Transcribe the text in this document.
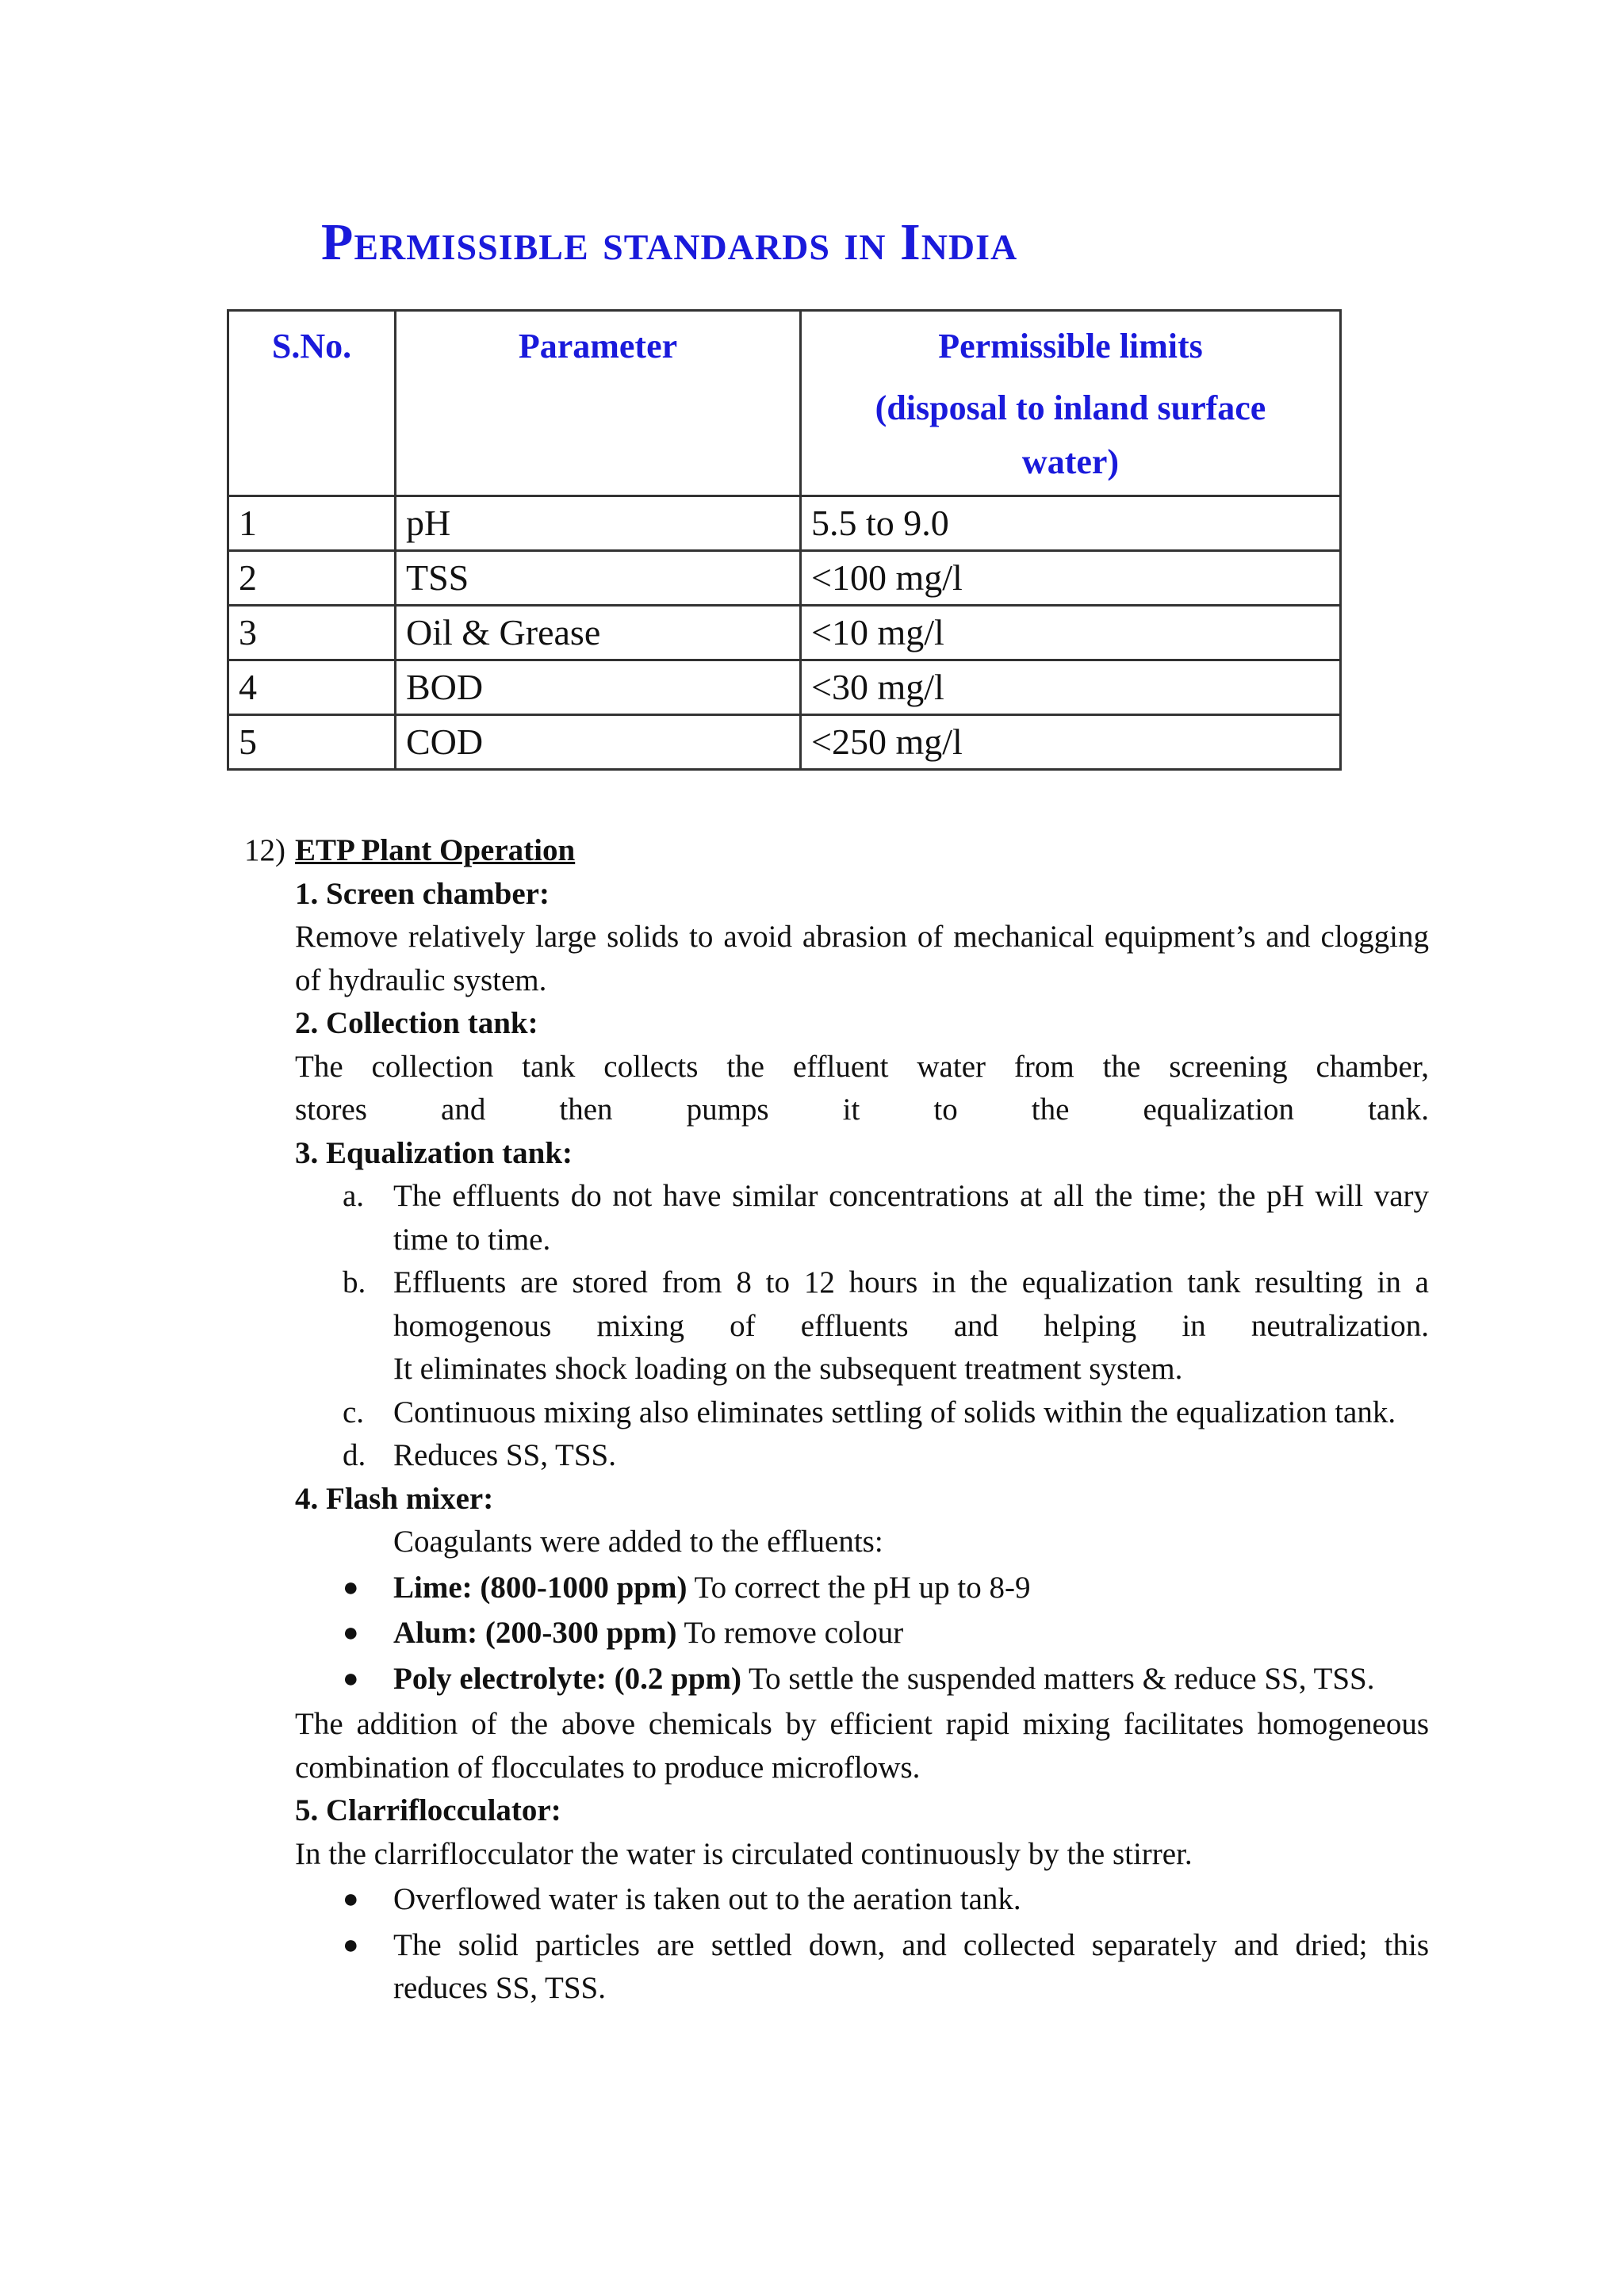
Permissible standards in India
S.No.	Parameter	Permissible limits
(disposal to inland surface water)

1	pH	5.5 to 9.0
2	TSS	<100 mg/l
3	Oil & Grease	<10 mg/l
4	BOD	<30 mg/l
5	COD	<250 mg/l
12) ETP Plant Operation
1. Screen chamber:
Remove relatively large solids to avoid abrasion of mechanical equipment’s and clogging of hydraulic system.
2. Collection tank:
The collection tank collects the effluent water from the screening chamber,
stores and then pumps it to the equalization tank.
3. Equalization tank:
a. The effluents do not have similar concentrations at all the time; the pH will vary time to time.
b. Effluents are stored from 8 to 12 hours in the equalization tank resulting in a homogenous mixing of effluents and helping in neutralization.
It eliminates shock loading on the subsequent treatment system.
c. Continuous mixing also eliminates settling of solids within the equalization tank.
d. Reduces SS, TSS.
4. Flash mixer:
Coagulants were added to the effluents:
● Lime: (800-1000 ppm) To correct the pH up to 8-9
● Alum: (200-300 ppm) To remove colour
● Poly electrolyte: (0.2 ppm) To settle the suspended matters & reduce SS, TSS.
The addition of the above chemicals by efficient rapid mixing facilitates homogeneous combination of flocculates to produce microflows.
5. Clarriflocculator:
In the clarriflocculator the water is circulated continuously by the stirrer.
● Overflowed water is taken out to the aeration tank.
● The solid particles are settled down, and collected separately and dried; this reduces SS, TSS.
